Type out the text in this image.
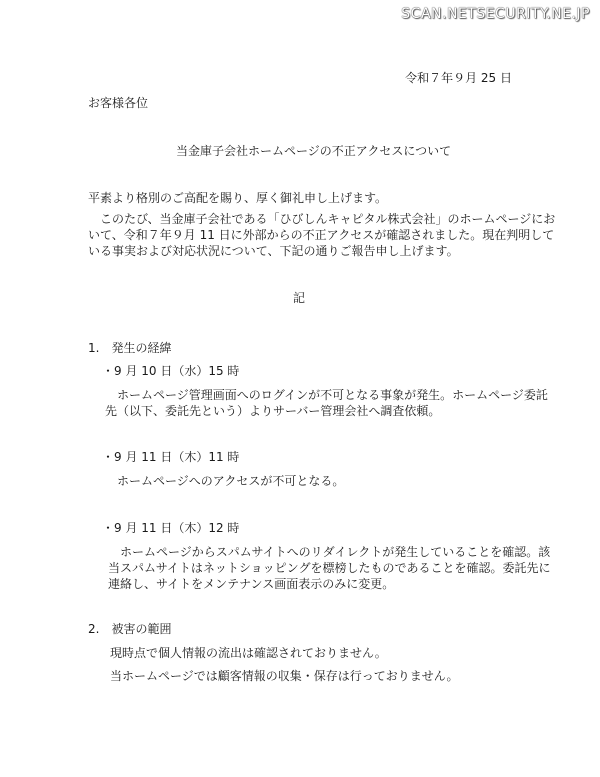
SCAN.NETSECURITY.NE.JP
令和７年９月 25 日
お客様各位
当金庫子会社ホームページの不正アクセスについて
平素より格別のご高配を賜り、厚く御礼申し上げます。
　このたび、当金庫子会社である「ひびしんキャピタル株式会社」のホームページにお
いて、令和７年９月 11 日に外部からの不正アクセスが確認されました。現在判明して
いる事実および対応状況について、下記の通りご報告申し上げます。
記
1.　発生の経緯
・9 月 10 日（水）15 時
　ホームページ管理画面へのログインが不可となる事象が発生。ホームページ委託
先（以下、委託先という）よりサーバー管理会社へ調査依頼。
・9 月 11 日（木）11 時
　ホームページへのアクセスが不可となる。
・9 月 11 日（木）12 時
　ホームページからスパムサイトへのリダイレクトが発生していることを確認。該
当スパムサイトはネットショッピングを標榜したものであることを確認。委託先に
連絡し、サイトをメンテナンス画面表示のみに変更。
2.　被害の範囲
現時点で個人情報の流出は確認されておりません。
当ホームページでは顧客情報の収集・保存は行っておりません。
